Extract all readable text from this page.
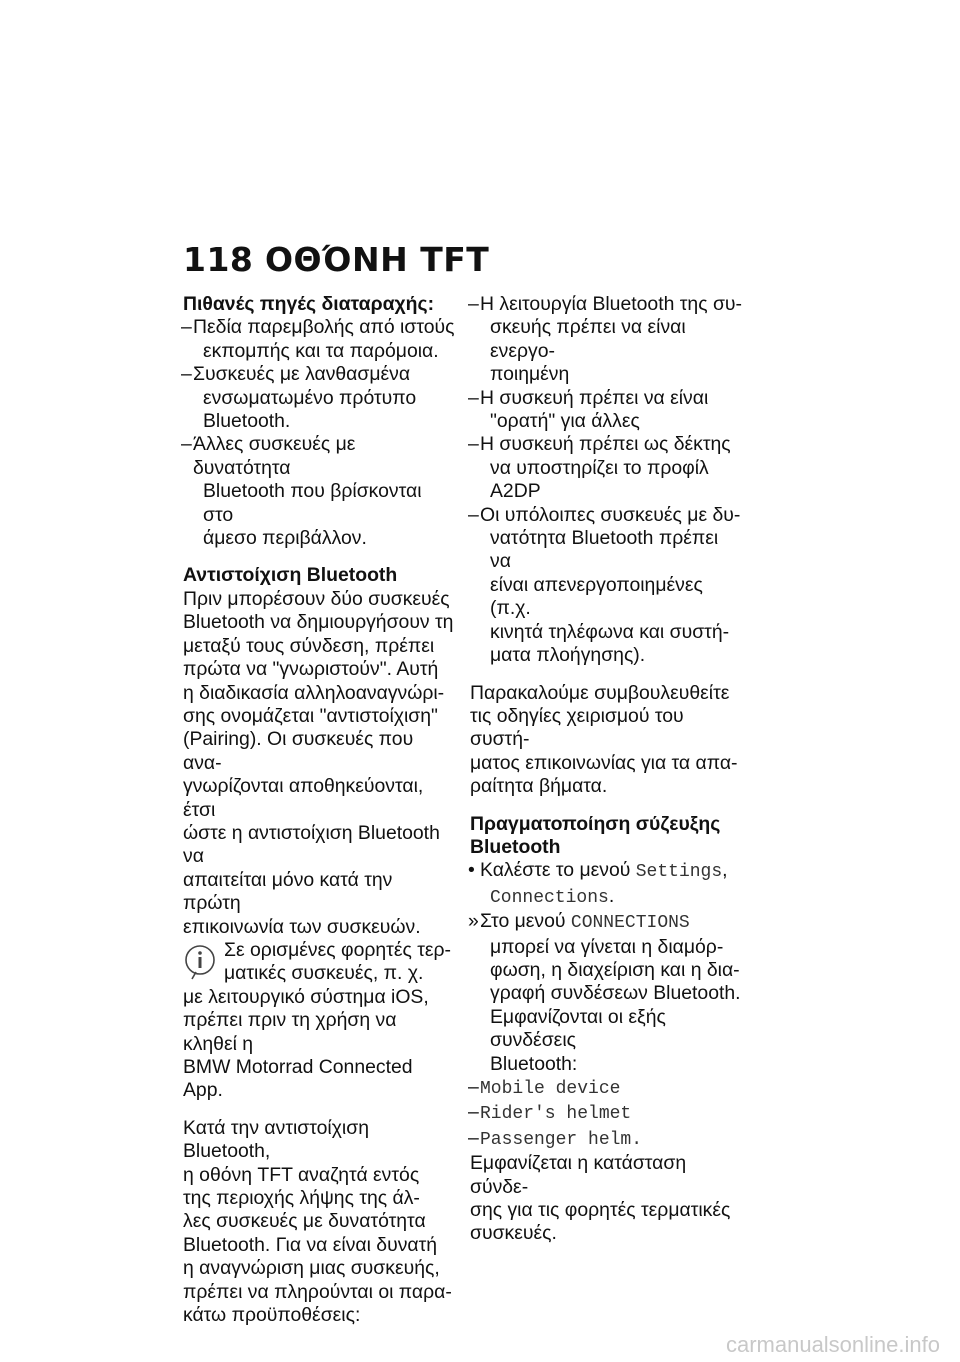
118 ΟΘΌΝΗ TFT
Πιθανές πηγές διαταραχής:
– Πεδία παρεμβολής από ιστούς
εκπομπής και τα παρόμοια.
– Συσκευές με λανθασμένα
ενσωματωμένο πρότυπο
Bluetooth.
– Άλλες συσκευές με δυνατότητα
Bluetooth που βρίσκονται στο
άμεσο περιβάλλον.
Αντιστοίχιση Bluetooth
Πριν μπορέσουν δύο συσκευές
Bluetooth να δημιουργήσουν τη
μεταξύ τους σύνδεση, πρέπει
πρώτα να "γνωριστούν". Αυτή
η διαδικασία αλληλοαναγνώρι-
σης ονομάζεται "αντιστοίχιση"
(Pairing). Οι συσκευές που ανα-
γνωρίζονται αποθηκεύονται, έτσι
ώστε η αντιστοίχιση Bluetooth να
απαιτείται μόνο κατά την πρώτη
επικοινωνία των συσκευών.
Σε ορισμένες φορητές τερ-
ματικές συσκευές, π. χ.
με λειτουργικό σύστημα iOS,
πρέπει πριν τη χρήση να κληθεί η
BMW Motorrad Connected App.
Κατά την αντιστοίχιση Bluetooth,
η οθόνη TFT αναζητά εντός
της περιοχής λήψης της άλ-
λες συσκευές με δυνατότητα
Bluetooth. Για να είναι δυνατή
η αναγνώριση μιας συσκευής,
πρέπει να πληρούνται οι παρα-
κάτω προϋποθέσεις:
– Η λειτουργία Bluetooth της συ-
σκευής πρέπει να είναι ενεργο-
ποιημένη
– Η συσκευή πρέπει να είναι
"ορατή" για άλλες
– Η συσκευή πρέπει ως δέκτης
να υποστηρίζει το προφίλ A2DP
– Οι υπόλοιπες συσκευές με δυ-
νατότητα Bluetooth πρέπει να
είναι απενεργοποιημένες (π.χ.
κινητά τηλέφωνα και συστή-
ματα πλοήγησης).
Παρακαλούμε συμβουλευθείτε
τις οδηγίες χειρισμού του συστή-
ματος επικοινωνίας για τα απα-
ραίτητα βήματα.
Πραγματοποίηση σύζευξης
Bluetooth
• Καλέστε το μενού Settings,
Connections.
» Στο μενού CONNECTIONS
μπορεί να γίνεται η διαμόρ-
φωση, η διαχείριση και η δια-
γραφή συνδέσεων Bluetooth.
Εμφανίζονται οι εξής συνδέσεις
Bluetooth:
– Mobile device
– Rider's helmet
– Passenger helm.
Εμφανίζεται η κατάσταση σύνδε-
σης για τις φορητές τερματικές
συσκευές.
carmanualsonline.info
